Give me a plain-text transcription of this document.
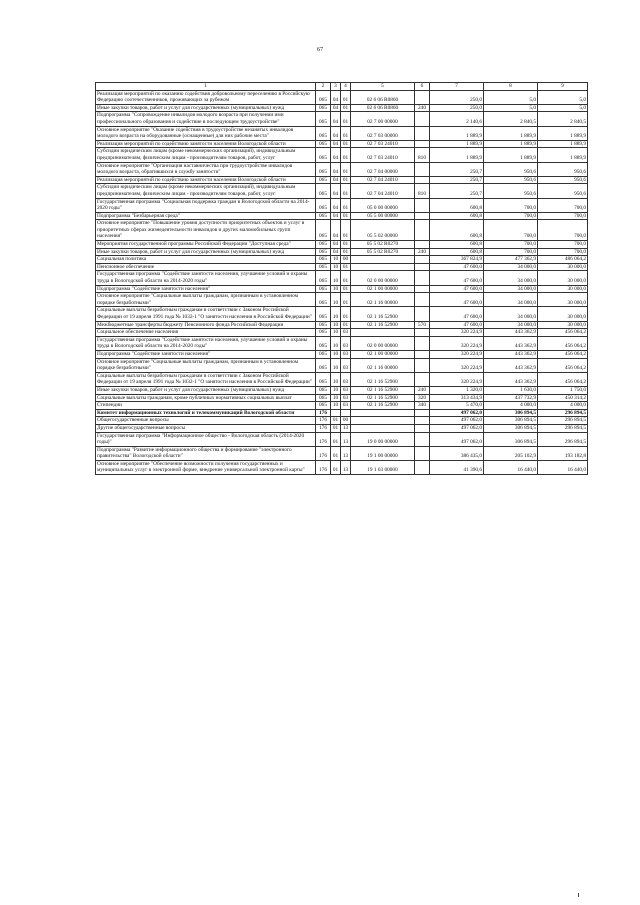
67
1	2	3	4	5	6	7	8	9
Реализация мероприятий по оказанию содействия добровольному переселению в Российскую Федерацию соотечественников, проживающих за рубежом	065	04	01	02 6 06 R0860		250,0	5,0	5,0
Иные закупки товаров, работ и услуг для государственных (муниципальных) нужд	065	04	01	02 6 06 R0860	240	250,0	5,0	5,0
Подпрограмма "Сопровождение инвалидов молодого возраста при получении ими профессионального образования и содействие в последующем трудоустройстве"	065	04	01	02 7 00 00000		2 140,6	2 840,5	2 840,5
Основное мероприятие "Оказание содействия в трудоустройстве незанятых инвалидов молодого возраста на оборудованные (оснащенные) для них рабочие места"	065	04	01	02 7 03 00000		1 889,9	1 889,9	1 889,9
Реализация мероприятий по содействию занятости населения Вологодской области	065	04	01	02 7 03 24010		1 889,9	1 889,9	1 889,9
Субсидии юридическим лицам (кроме некоммерческих организаций), индивидуальным предпринимателям, физическим лицам - производителям товаров, работ, услуг	065	04	01	02 7 03 24010	810	1 889,9	1 889,9	1 889,9
Основное мероприятие "Организация наставничества при трудоустройстве инвалидов молодого возраста, обратившихся в службу занятости"	065	04	01	02 7 04 00000		250,7	950,6	950,6
Реализация мероприятий по содействию занятости населения Вологодской области	065	04	01	02 7 04 24010		250,7	950,6	950,6
Субсидии юридическим лицам (кроме некоммерческих организаций), индивидуальным предпринимателям, физическим лицам - производителям товаров, работ, услуг	065	04	01	02 7 04 24010	810	250,7	950,6	950,6
Государственная программа "Социальная поддержка граждан в Вологодской области на 2014-2020 годы"	065	04	01	05 0 00 00000		600,8	700,0	700,0
Подпрограмма "Безбарьерная среда"	065	04	01	05 5 00 00000		600,8	700,0	700,0
Основное мероприятие "Повышение уровня доступности приоритетных объектов и услуг в приоритетных сферах жизнедеятельности инвалидов и других маломобильных групп населения"	065	04	01	05 5 02 00000		600,8	700,0	700,0
Мероприятия государственной программы Российской Федерации "Доступная среда"	065	04	01	05 5 02 R0270		600,8	700,0	700,0
Иные закупки товаров, работ и услуг для государственных (муниципальных) нужд	065	04	01	05 5 02 R0270	240	600,8	700,0	700,0
Социальная политика	065	10	00			367 824,9	477 362,9	486 064,2
Пенсионное обеспечение	065	10	01			47 600,0	34 000,0	30 000,0
Государственная программа "Содействие занятости населения, улучшение условий и охраны труда в Вологодской области на 2014-2020 годы"	065	10	01	02 0 00 00000		47 600,0	34 000,0	30 000,0
Подпрограмма "Содействие занятости населения"	065	10	01	02 1 00 00000		47 600,0	34 000,0	30 000,0
Основное мероприятие "Социальные выплаты гражданам, признанным в установленном порядке безработными"	065	10	01	02 1 16 00000		47 600,0	34 000,0	30 000,0
Социальные выплаты безработным гражданам в соответствии с Законом Российской Федерации от 19 апреля 1991 года № 1032-1 "О занятости населения в Российской Федерации"	065	10	01	02 1 16 52900		47 600,0	34 000,0	30 000,0
Межбюджетные трансферты бюджету Пенсионного фонда Российской Федерации	065	10	01	02 1 16 52900	570	47 600,0	34 000,0	30 000,0
Социальное обеспечение населения	065	10	03			320 224,9	443 362,9	456 064,2
Государственная программа "Содействие занятости населения, улучшение условий и охраны труда в Вологодской области на 2014-2020 годы"	065	10	03	02 0 00 00000		320 224,9	443 362,9	456 064,2
Подпрограмма "Содействие занятости населения"	065	10	03	02 1 00 00000		320 224,9	443 362,9	456 064,2
Основное мероприятие "Социальные выплаты гражданам, признанным в установленном порядке безработными"	065	10	03	02 1 16 00000		320 224,9	443 362,9	456 064,2
Социальные выплаты безработным гражданам в соответствии с Законом Российской Федерации от 19 апреля 1991 года № 1032-1 "О занятости населения в Российской Федерации"	065	10	03	02 1 16 52900		320 224,9	443 362,9	456 064,2
Иные закупки товаров, работ и услуг для государственных (муниципальных) нужд	065	10	03	02 1 16 52900	240	1 320,0	1 630,0	1 750,0
Социальные выплаты гражданам, кроме публичных нормативных социальных выплат	065	10	03	02 1 16 52900	320	313 434,9	437 732,9	450 314,2
Стипендии	065	10	03	02 1 16 52900	340	5 470,0	4 000,0	4 000,0
Комитет информационных технологий и телекоммуникаций Вологодской области	176					497 062,0	306 894,5	296 894,5
Общегосударственные вопросы	176	01	00			497 062,0	306 894,5	296 894,5
Другие общегосударственные вопросы	176	01	13			497 062,0	306 894,5	296 894,5
Государственная программа "Информационное общество - Вологодская область (2014-2020 годы)"	176	01	13	19 0 00 00000		497 062,0	306 894,5	296 894,5
Подпрограмма "Развитие информационного общества и формирование "электронного правительства" Вологодской области"	176	01	13	19 1 00 00000		386 435,0	205 102,9	193 182,8
Основное мероприятие "Обеспечение возможности получения государственных и муниципальных услуг в электронной форме, внедрение универсальной электронной карты"	176	01	13	19 1 03 00000		41 390,6	16 440,0	16 440,0
